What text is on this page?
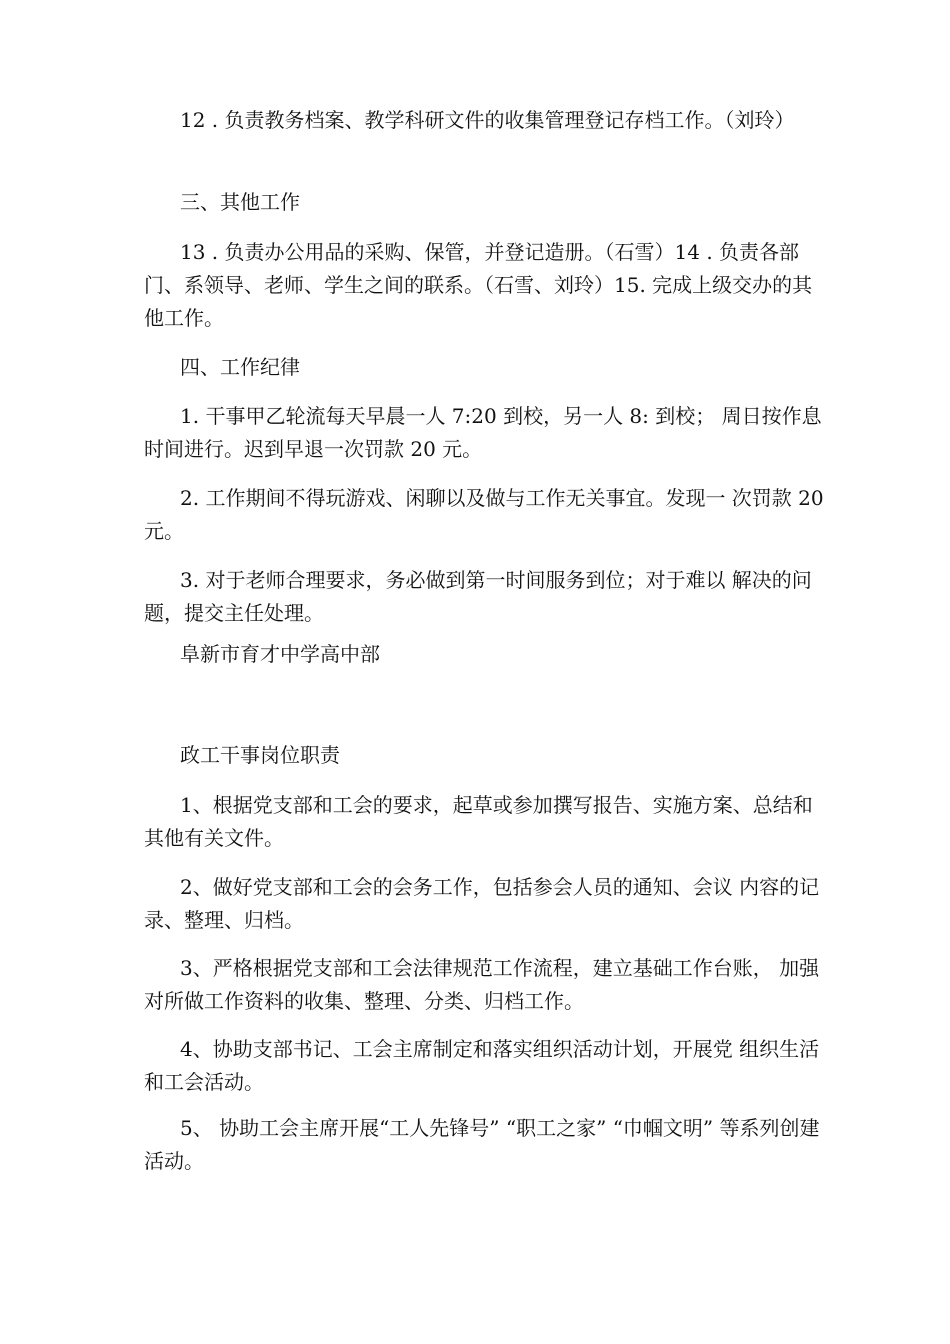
12 . 负责教务档案、教学科研文件的收集管理登记存档工作。（刘玲）

三、其他工作

13 . 负责办公用品的采购、保管，并登记造册。（石雪）14 . 负责各部门、系领导、老师、学生之间的联系。（石雪、刘玲）15. 完成上级交办的其他工作。

四、工作纪律

1. 干事甲乙轮流每天早晨一人 7:20 到校，另一人 8: 到校； 周日按作息时间进行。迟到早退一次罚款 20 元。

2. 工作期间不得玩游戏、闲聊以及做与工作无关事宜。发现一 次罚款 20 元。

3. 对于老师合理要求，务必做到第一时间服务到位；对于难以 解决的问题，提交主任处理。

阜新市育才中学高中部

政工干事岗位职责

1、根据党支部和工会的要求，起草或参加撰写报告、实施方案、总结和其他有关文件。

2、做好党支部和工会的会务工作，包括参会人员的通知、会议 内容的记录、整理、归档。

3、严格根据党支部和工会法律规范工作流程，建立基础工作台账， 加强对所做工作资料的收集、整理、分类、归档工作。

4、协助支部书记、工会主席制定和落实组织活动计划，开展党 组织生活和工会活动。

5、 协助工会主席开展“工人先锋号” “职工之家” “巾帼文明” 等系列创建活动。
